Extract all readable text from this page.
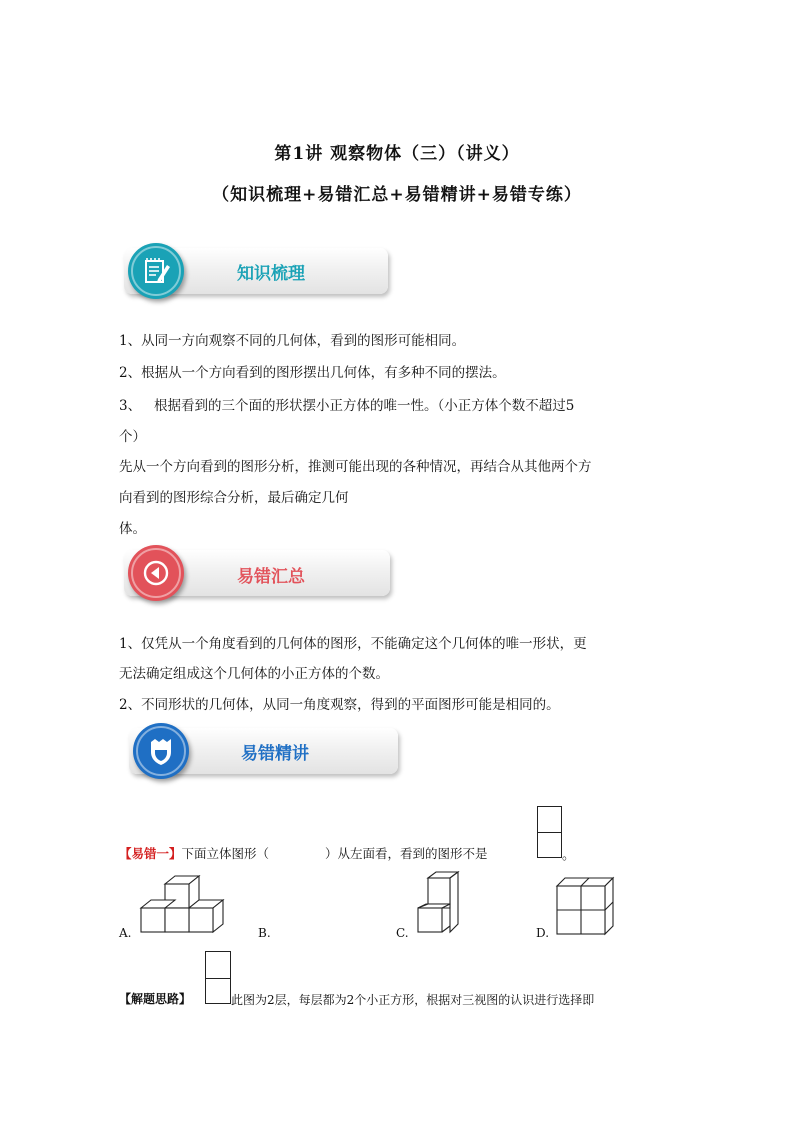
第1讲 观察物体（三）（讲义）
（知识梳理+易错汇总+易错精讲+易错专练）
知识梳理
1、从同一方向观察不同的几何体，看到的图形可能相同。
2、根据从一个方向看到的图形摆出几何体，有多种不同的摆法。
3、   根据看到的三个面的形状摆小正方体的唯一性。（小正方体个数不超过5
个）
先从一个方向看到的图形分析，推测可能出现的各种情况，再结合从其他两个方
向看到的图形综合分析，最后确定几何
体。
易错汇总
1、仅凭从一个角度看到的几何体的图形，不能确定这个几何体的唯一形状，更
无法确定组成这个几何体的小正方体的个数。
2、不同形状的几何体，从同一角度观察，得到的平面图形可能是相同的。
易错精讲
【易错一】下面立体图形（	）从左面看，看到的图形不是	。
A.	B.	C.	D.
【解题思路】	此图为2层，每层都为2个小正方形，根据对三视图的认识进行选择即
